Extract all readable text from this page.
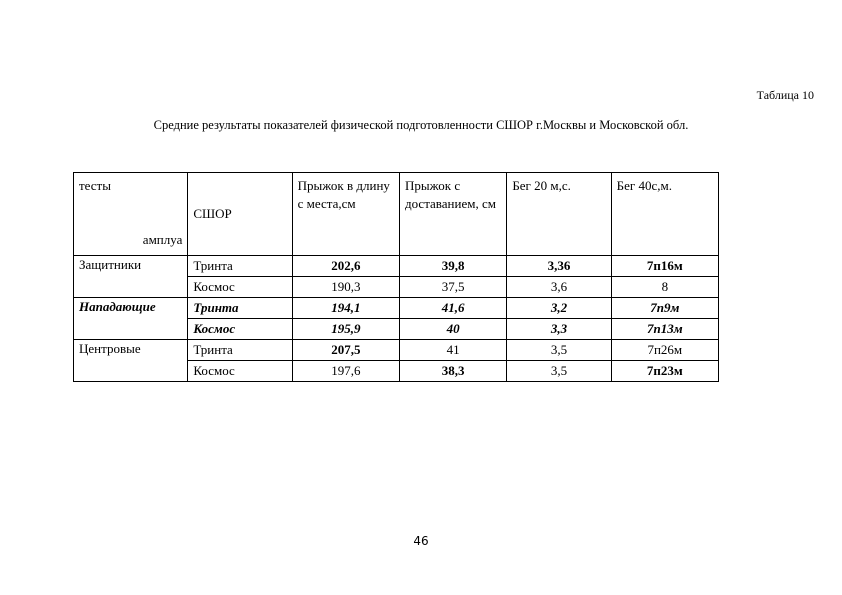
Таблица 10
Средние результаты показателей физической подготовленности СШОР г.Москвы и Московской обл.
тесты
амплуа	СШОР	Прыжок в длину с места,см	Прыжок с доставанием, см	Бег 20 м,с.	Бег 40с,м.
Защитники	Тринта	202,6	39,8	3,36	7п16м
	Космос	190,3	37,5	3,6	8
Нападающие	Тринта	194,1	41,6	3,2	7п9м
	Космос	195,9	40	3,3	7п13м
Центровые	Тринта	207,5	41	3,5	7п26м
	Космос	197,6	38,3	3,5	7п23м
46
